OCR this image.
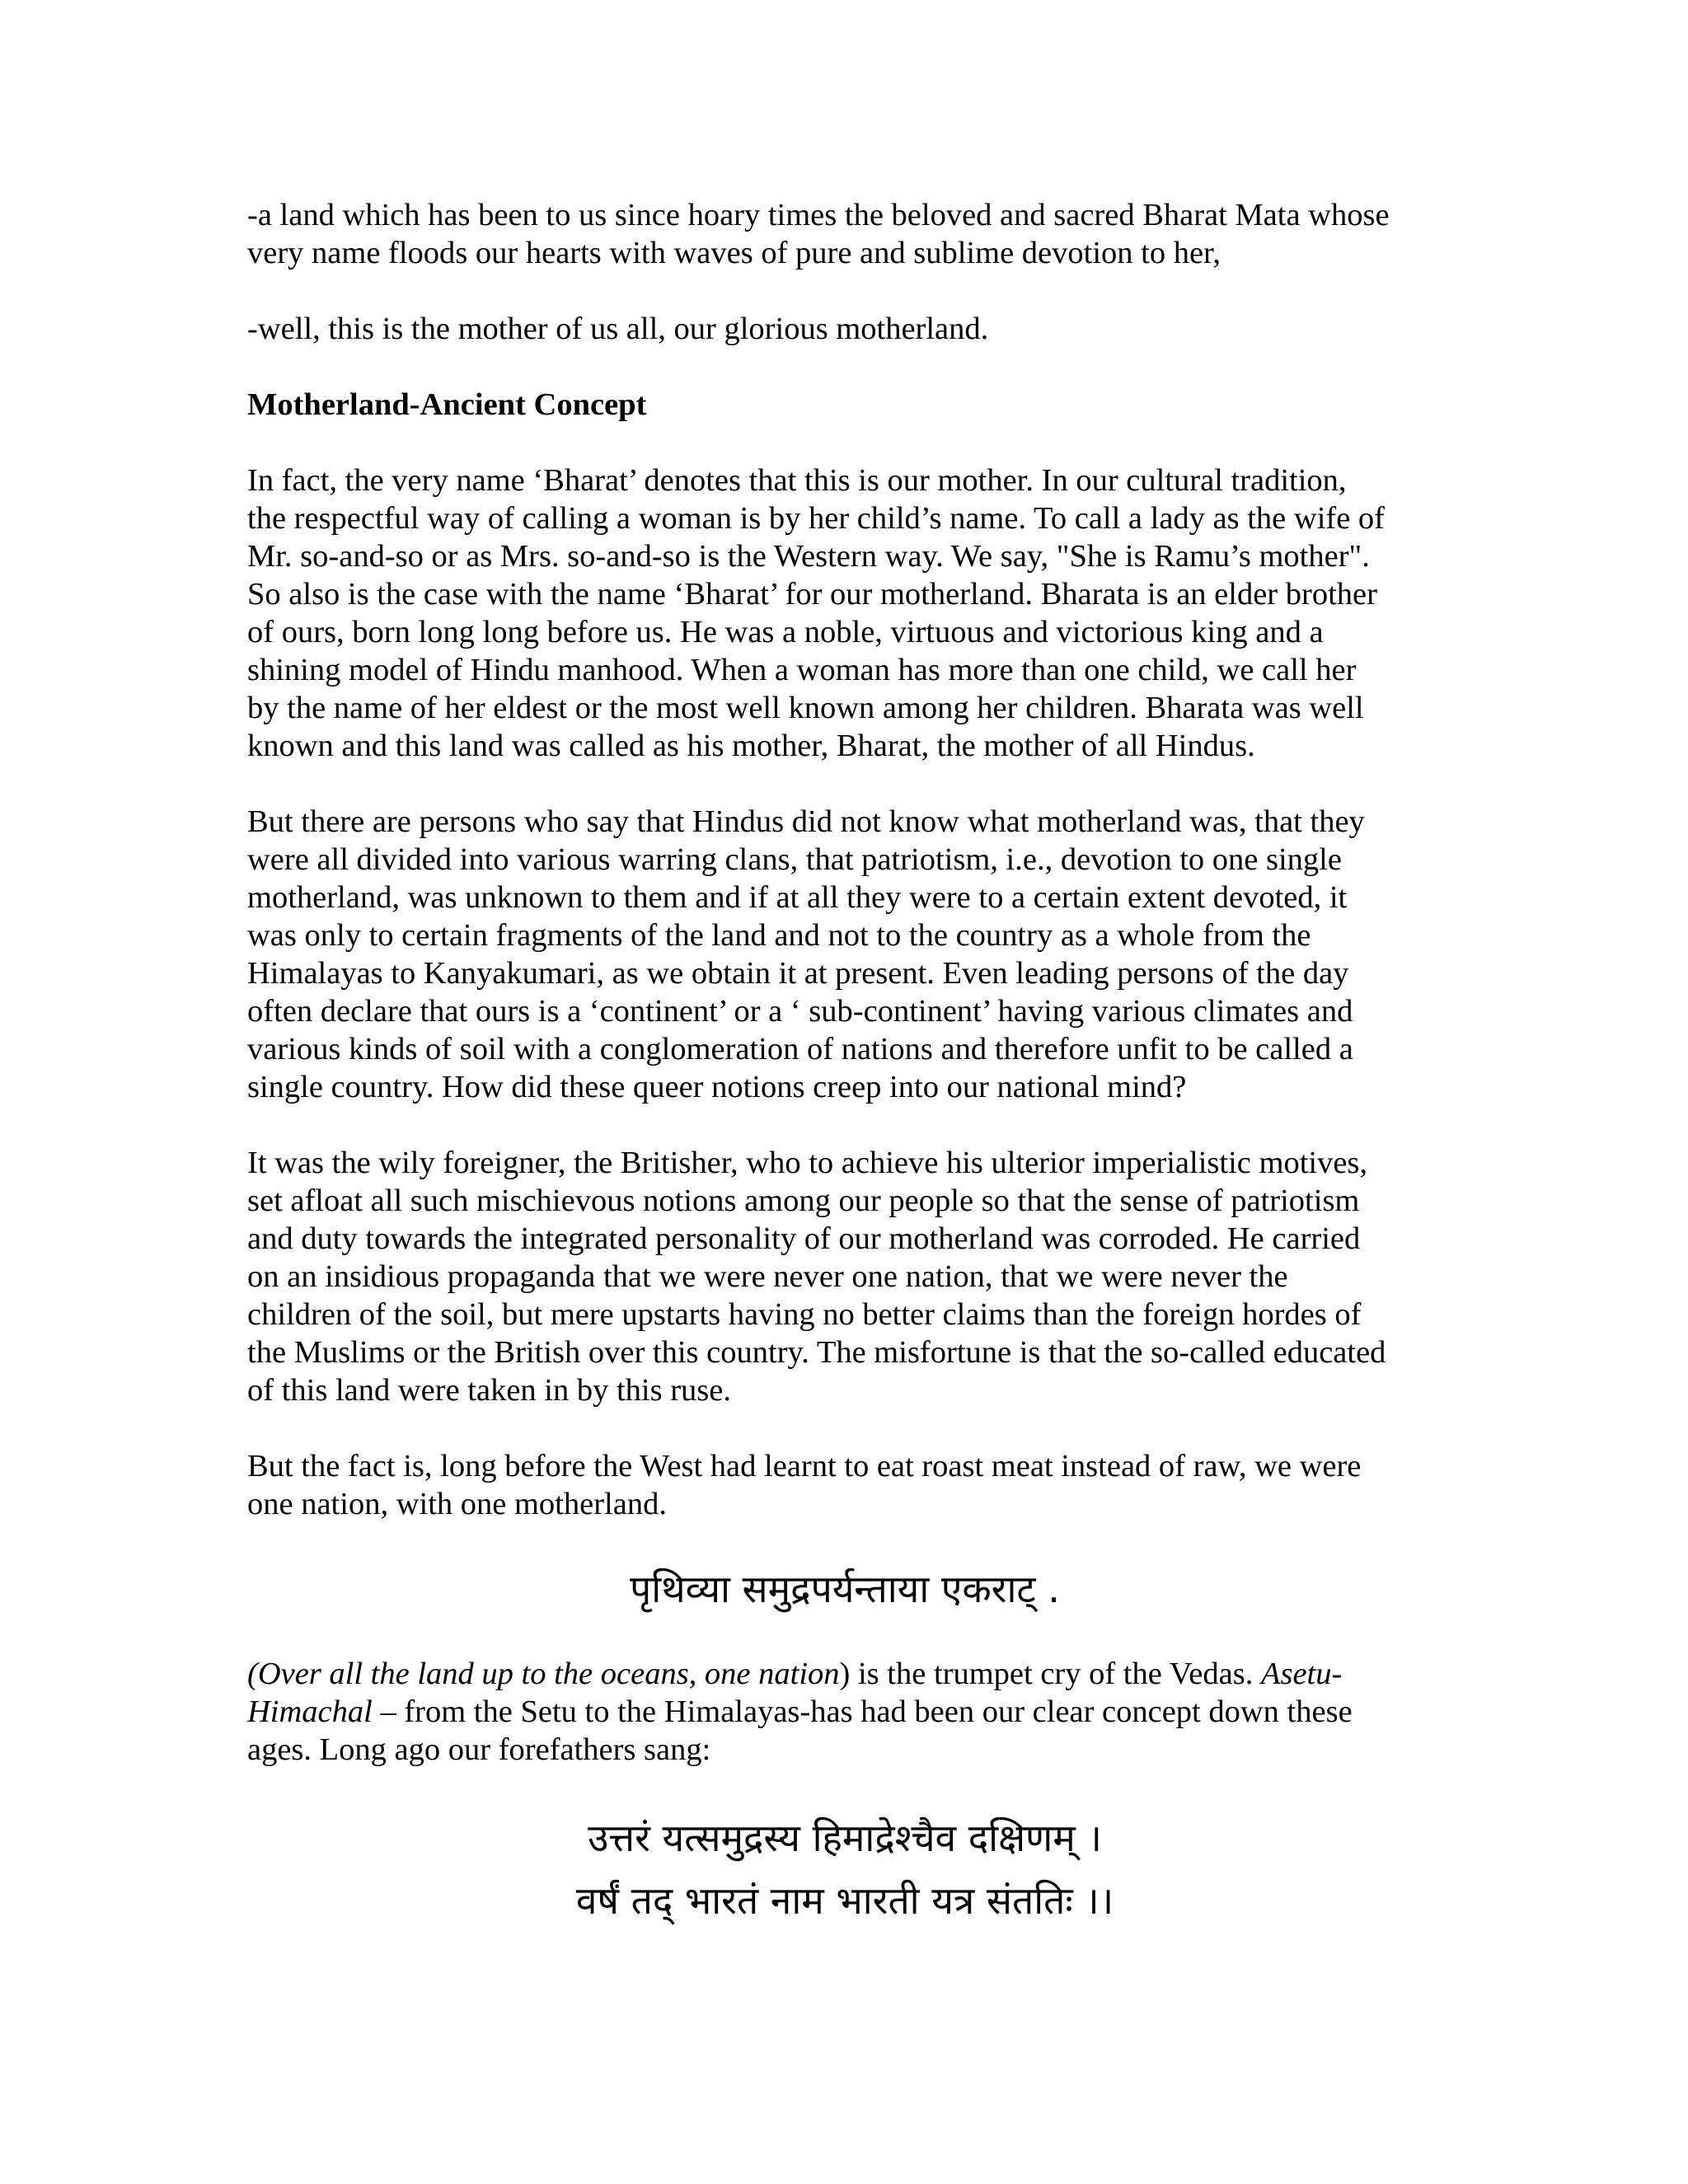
-a land which has been to us since hoary times the beloved and sacred Bharat Mata whose
very name floods our hearts with waves of pure and sublime devotion to her,

-well, this is the mother of us all, our glorious motherland.

Motherland-Ancient Concept

In fact, the very name ‘Bharat’ denotes that this is our mother. In our cultural tradition,
the respectful way of calling a woman is by her child’s name. To call a lady as the wife of
Mr. so-and-so or as Mrs. so-and-so is the Western way. We say, "She is Ramu’s mother".
So also is the case with the name ‘Bharat’ for our motherland. Bharata is an elder brother
of ours, born long long before us. He was a noble, virtuous and victorious king and a
shining model of Hindu manhood. When a woman has more than one child, we call her
by the name of her eldest or the most well known among her children. Bharata was well
known and this land was called as his mother, Bharat, the mother of all Hindus.

But there are persons who say that Hindus did not know what motherland was, that they
were all divided into various warring clans, that patriotism, i.e., devotion to one single
motherland, was unknown to them and if at all they were to a certain extent devoted, it
was only to certain fragments of the land and not to the country as a whole from the
Himalayas to Kanyakumari, as we obtain it at present. Even leading persons of the day
often declare that ours is a ‘continent’ or a ‘ sub-continent’ having various climates and
various kinds of soil with a conglomeration of nations and therefore unfit to be called a
single country. How did these queer notions creep into our national mind?

It was the wily foreigner, the Britisher, who to achieve his ulterior imperialistic motives,
set afloat all such mischievous notions among our people so that the sense of patriotism
and duty towards the integrated personality of our motherland was corroded. He carried
on an insidious propaganda that we were never one nation, that we were never the
children of the soil, but mere upstarts having no better claims than the foreign hordes of
the Muslims or the British over this country. The misfortune is that the so-called educated
of this land were taken in by this ruse.

But the fact is, long before the West had learnt to eat roast meat instead of raw, we were
one nation, with one motherland.

पृथिव्या समुद्रपर्यन्ताया एकराट् .

(Over all the land up to the oceans, one nation) is the trumpet cry of the Vedas. Asetu-
Himachal – from the Setu to the Himalayas-has had been our clear concept down these
ages. Long ago our forefathers sang:

उत्तरं यत्समुद्रस्य हिमाद्रेश्चैव दक्षिणम् ।
वर्षं तद् भारतं नाम भारती यत्र संततिः ।।
